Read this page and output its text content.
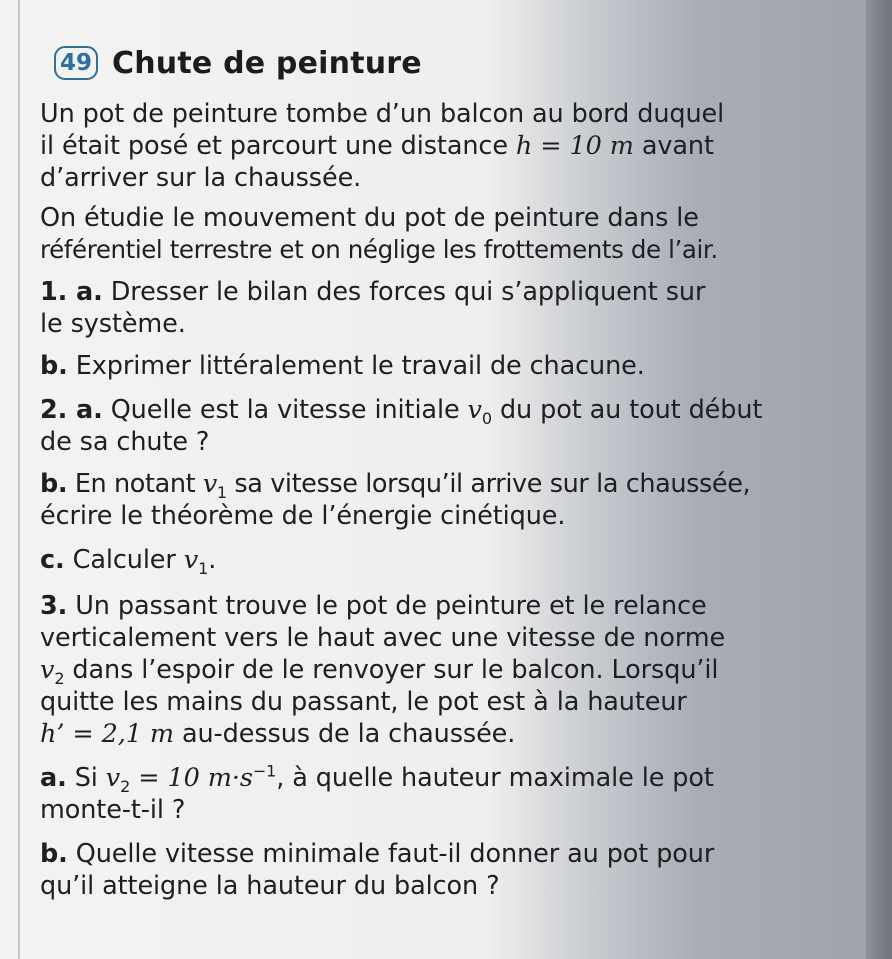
49 Chute de peinture
Un pot de peinture tombe d’un balcon au bord duquel
il était posé et parcourt une distance h = 10 m avant
d’arriver sur la chaussée.
On étudie le mouvement du pot de peinture dans le
référentiel terrestre et on néglige les frottements de l’air.
1. a. Dresser le bilan des forces qui s’appliquent sur
le système.
b. Exprimer littéralement le travail de chacune.
2. a. Quelle est la vitesse initiale $v_0$ du pot au tout début
de sa chute ?
b. En notant $v_1$ sa vitesse lorsqu’il arrive sur la chaussée,
écrire le théorème de l’énergie cinétique.
c. Calculer $v_1$.
3. Un passant trouve le pot de peinture et le relance
verticalement vers le haut avec une vitesse de norme
$v_2$ dans l’espoir de le renvoyer sur le balcon. Lorsqu’il
quitte les mains du passant, le pot est à la hauteur
h’ = 2,1 m au-dessus de la chaussée.
a. Si $v_2 = 10$ $m\cdot s^{-1}$, à quelle hauteur maximale le pot
monte-t-il ?
b. Quelle vitesse minimale faut-il donner au pot pour
qu’il atteigne la hauteur du balcon ?
